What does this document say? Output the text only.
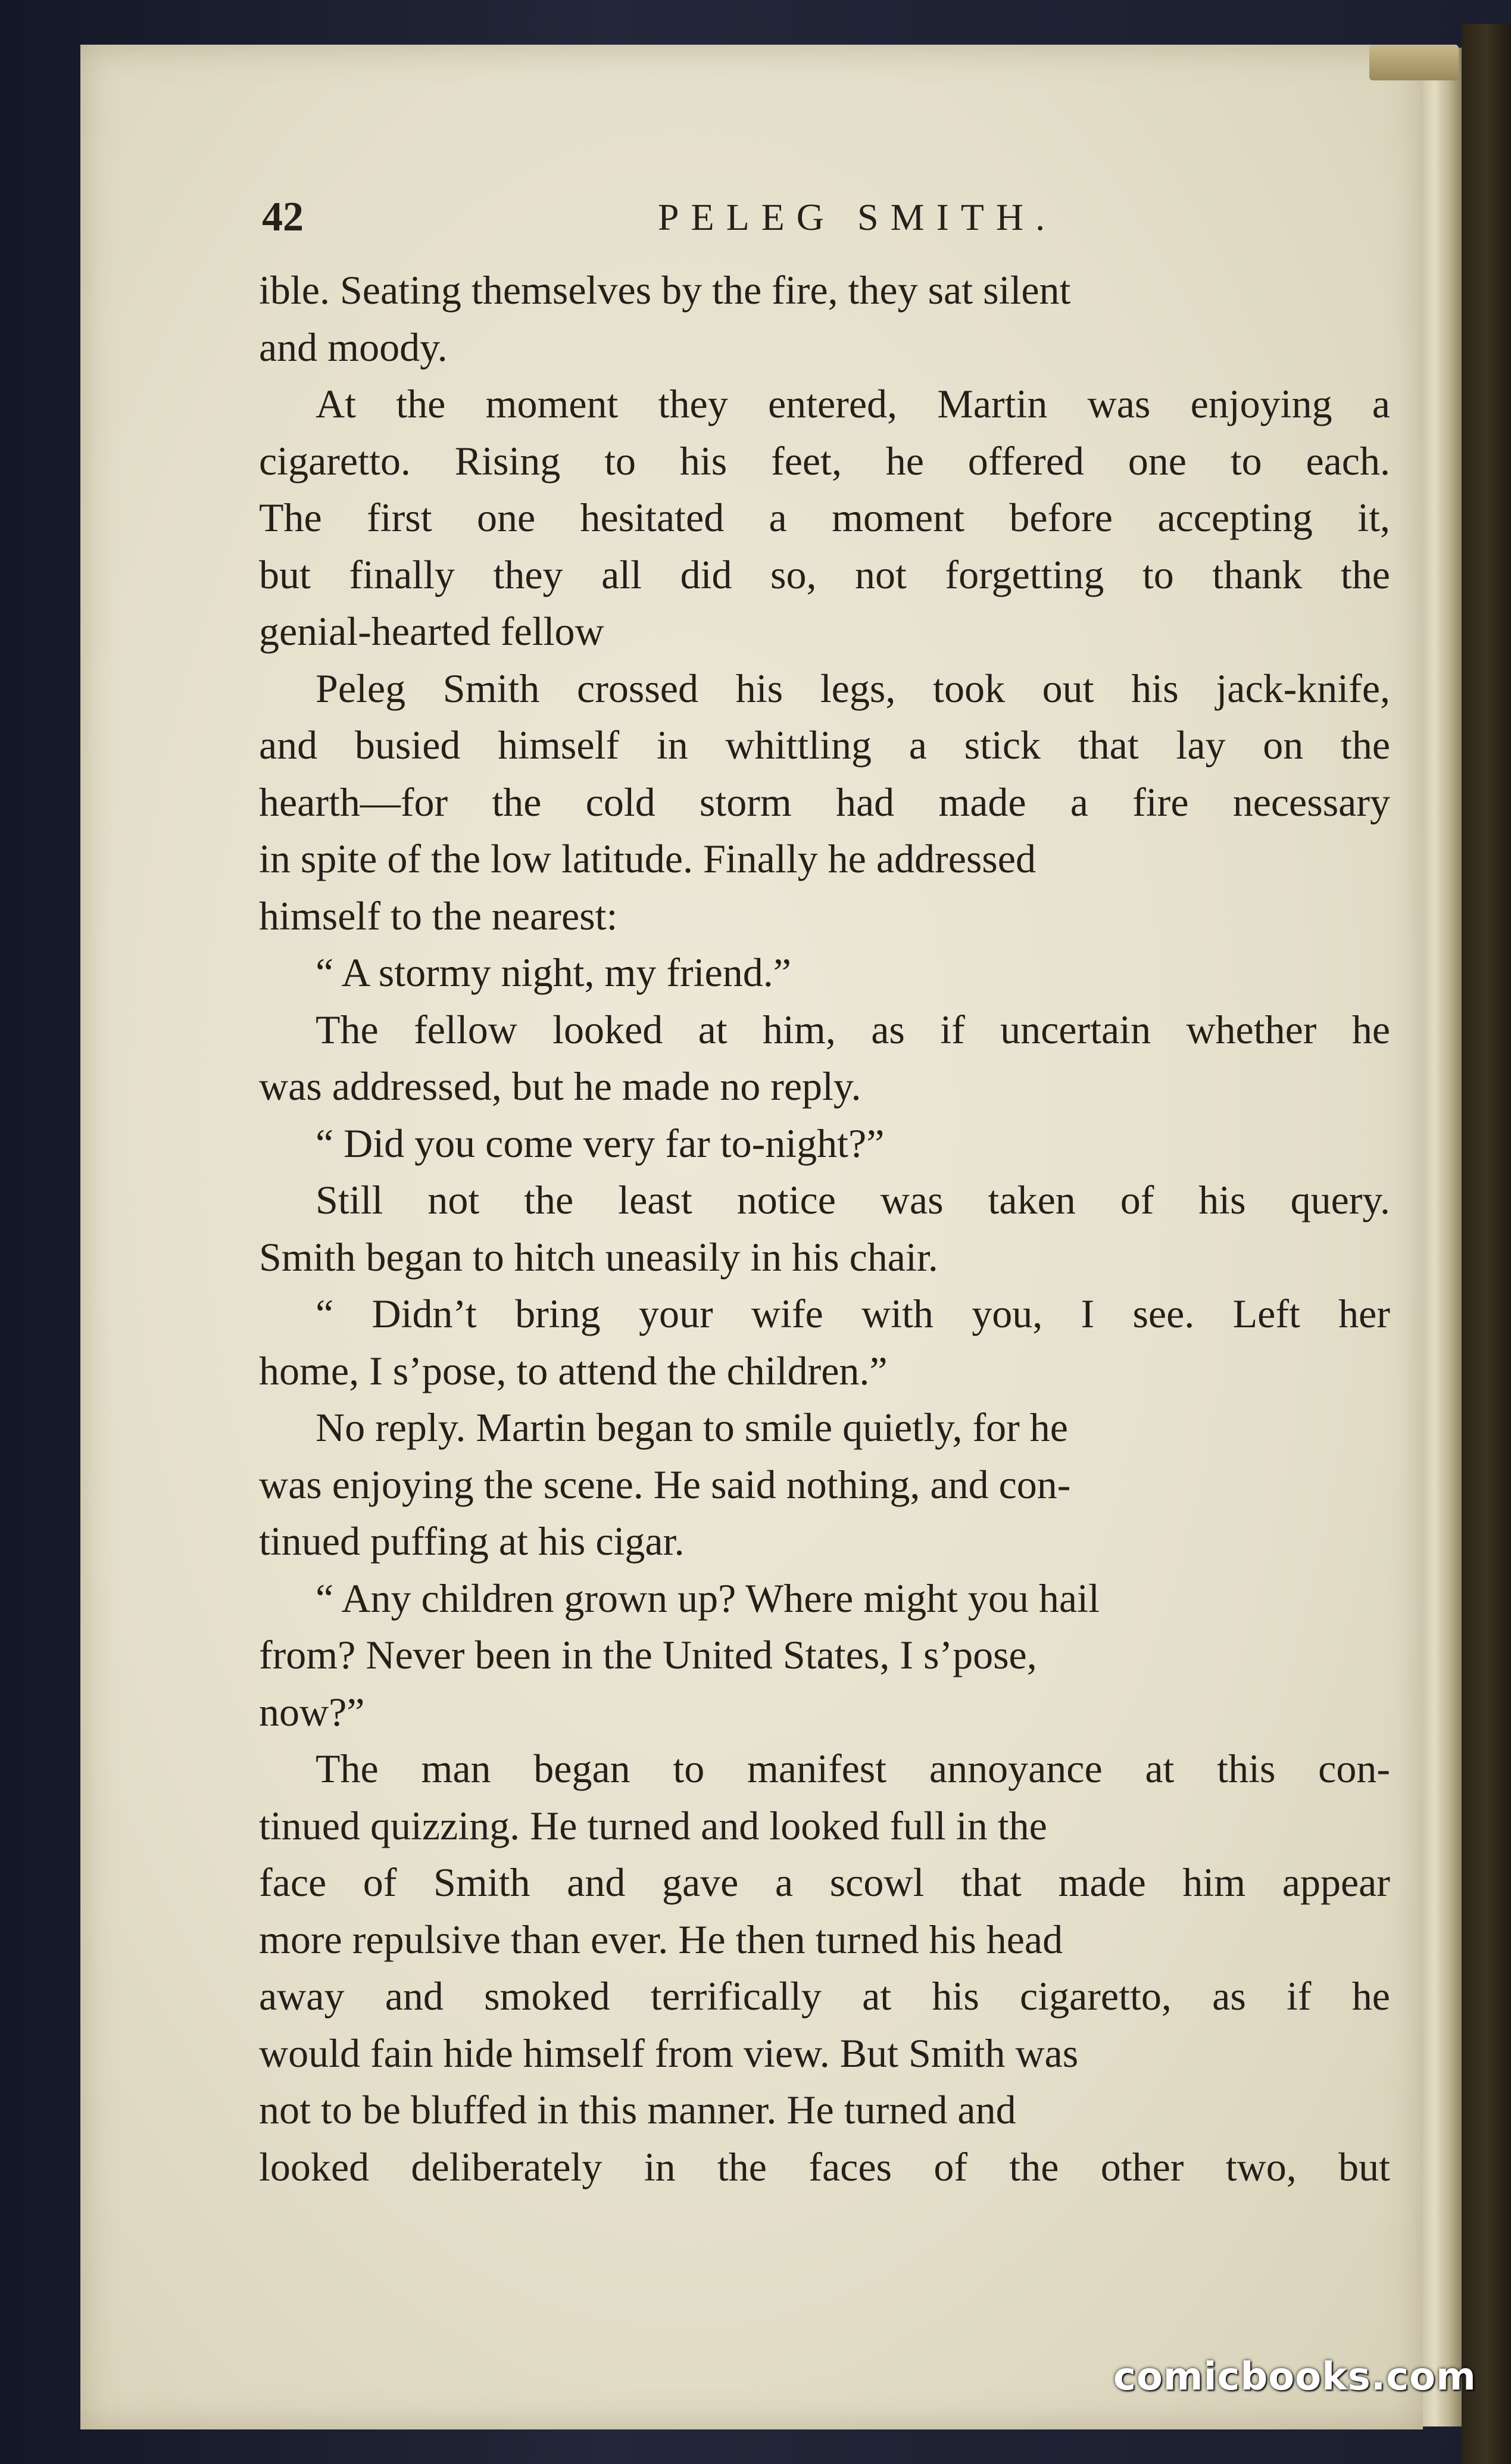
42	PELEG SMITH.
ible. Seating themselves by the fire, they sat silent
and moody.
At the moment they entered, Martin was enjoying a
cigaretto. Rising to his feet, he offered one to each.
The first one hesitated a moment before accepting it,
but finally they all did so, not forgetting to thank the
genial-hearted fellow
Peleg Smith crossed his legs, took out his jack-knife,
and busied himself in whittling a stick that lay on the
hearth—for the cold storm had made a fire necessary
in spite of the low latitude. Finally he addressed
himself to the nearest:
“ A stormy night, my friend.”
The fellow looked at him, as if uncertain whether he
was addressed, but he made no reply.
“ Did you come very far to-night?”
Still not the least notice was taken of his query.
Smith began to hitch uneasily in his chair.
“ Didn’t bring your wife with you, I see. Left her
home, I s’pose, to attend the children.”
No reply. Martin began to smile quietly, for he
was enjoying the scene. He said nothing, and con-
tinued puffing at his cigar.
“ Any children grown up? Where might you hail
from? Never been in the United States, I s’pose,
now?”
The man began to manifest annoyance at this con-
tinued quizzing. He turned and looked full in the
face of Smith and gave a scowl that made him appear
more repulsive than ever. He then turned his head
away and smoked terrifically at his cigaretto, as if he
would fain hide himself from view. But Smith was
not to be bluffed in this manner. He turned and
looked deliberately in the faces of the other two, but
comicbooks.com
